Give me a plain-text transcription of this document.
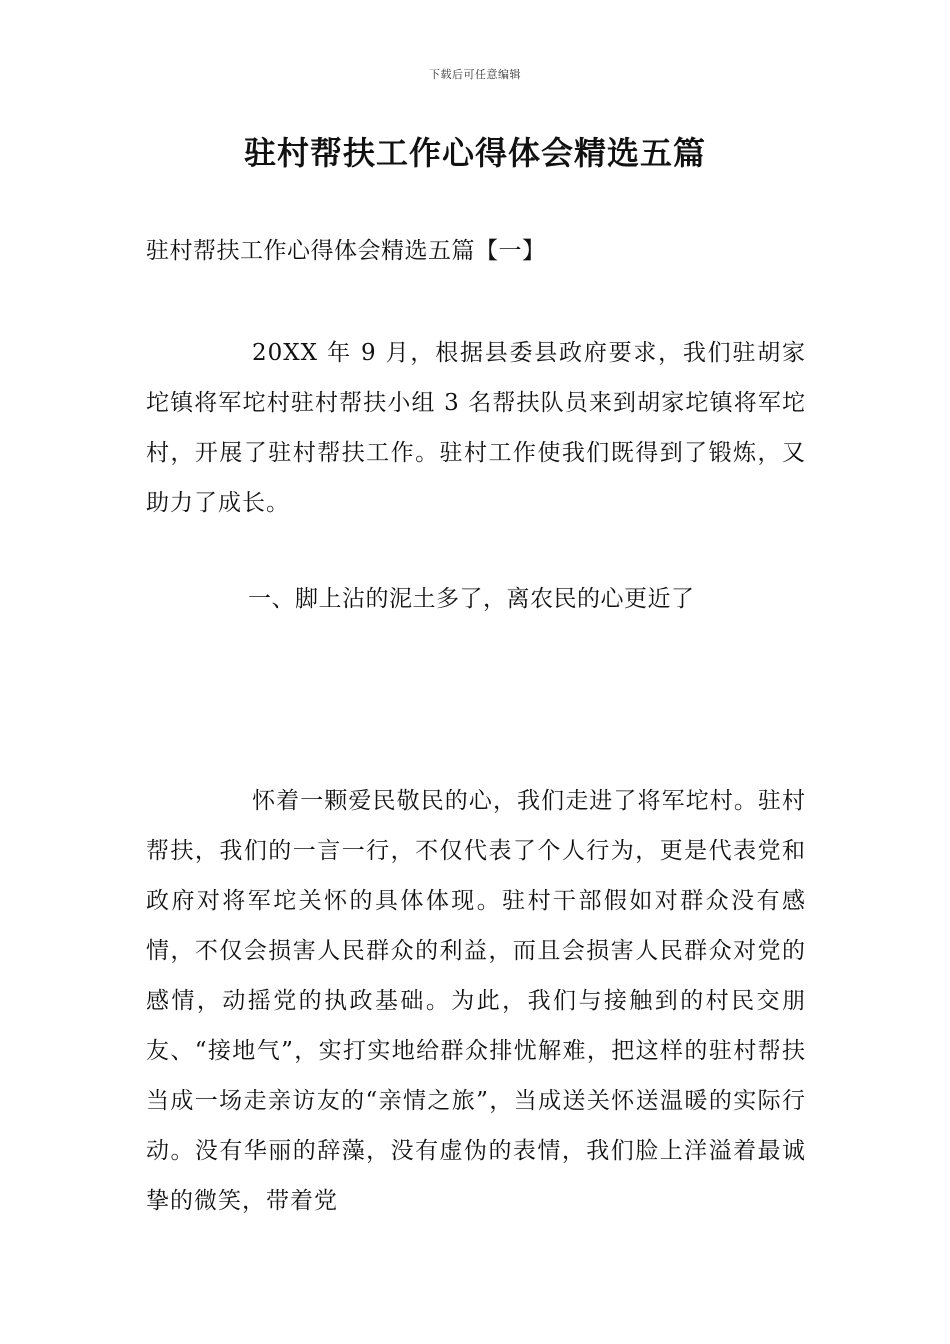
下载后可任意编辑
驻村帮扶工作心得体会精选五篇
驻村帮扶工作心得体会精选五篇【一】

20XX 年 9 月，根据县委县政府要求，我们驻胡家坨镇将军坨村驻村帮扶小组 3 名帮扶队员来到胡家坨镇将军坨村，开展了驻村帮扶工作。驻村工作使我们既得到了锻炼，又助力了成长。

一、脚上沾的泥土多了，离农民的心更近了

怀着一颗爱民敬民的心，我们走进了将军坨村。驻村帮扶，我们的一言一行，不仅代表了个人行为，更是代表党和政府对将军坨关怀的具体体现。驻村干部假如对群众没有感情，不仅会损害人民群众的利益，而且会损害人民群众对党的感情，动摇党的执政基础。为此，我们与接触到的村民交朋友、“接地气”，实打实地给群众排忧解难，把这样的驻村帮扶当成一场走亲访友的“亲情之旅”，当成送关怀送温暖的实际行动。没有华丽的辞藻，没有虚伪的表情，我们脸上洋溢着最诚挚的微笑，带着党
